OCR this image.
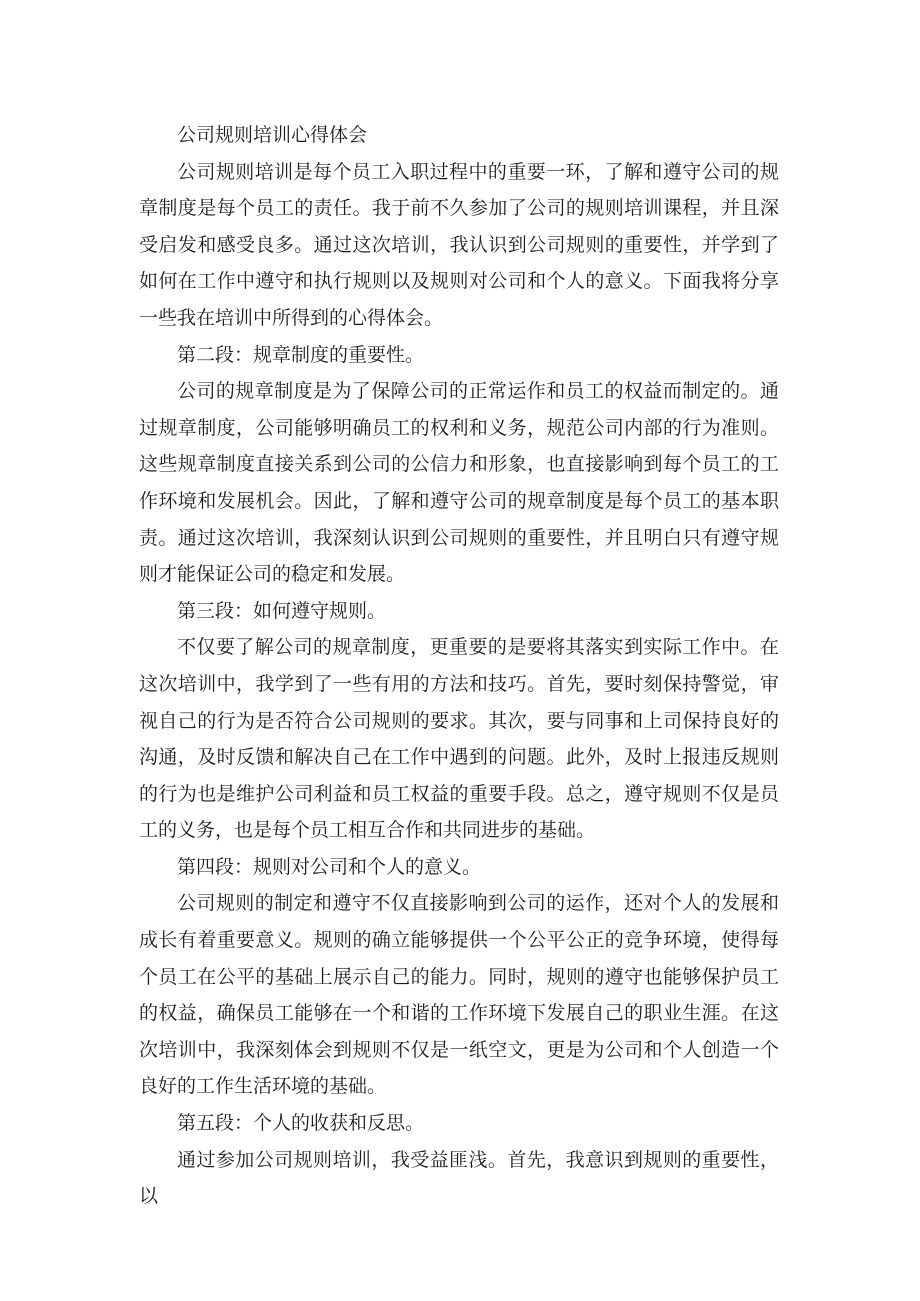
公司规则培训心得体会

公司规则培训是每个员工入职过程中的重要一环，了解和遵守公司的规章制度是每个员工的责任。我于前不久参加了公司的规则培训课程，并且深受启发和感受良多。通过这次培训，我认识到公司规则的重要性，并学到了如何在工作中遵守和执行规则以及规则对公司和个人的意义。下面我将分享一些我在培训中所得到的心得体会。

第二段：规章制度的重要性。

公司的规章制度是为了保障公司的正常运作和员工的权益而制定的。通过规章制度，公司能够明确员工的权利和义务，规范公司内部的行为准则。这些规章制度直接关系到公司的公信力和形象，也直接影响到每个员工的工作环境和发展机会。因此，了解和遵守公司的规章制度是每个员工的基本职责。通过这次培训，我深刻认识到公司规则的重要性，并且明白只有遵守规则才能保证公司的稳定和发展。

第三段：如何遵守规则。

不仅要了解公司的规章制度，更重要的是要将其落实到实际工作中。在这次培训中，我学到了一些有用的方法和技巧。首先，要时刻保持警觉，审视自己的行为是否符合公司规则的要求。其次，要与同事和上司保持良好的沟通，及时反馈和解决自己在工作中遇到的问题。此外，及时上报违反规则的行为也是维护公司利益和员工权益的重要手段。总之，遵守规则不仅是员工的义务，也是每个员工相互合作和共同进步的基础。

第四段：规则对公司和个人的意义。

公司规则的制定和遵守不仅直接影响到公司的运作，还对个人的发展和成长有着重要意义。规则的确立能够提供一个公平公正的竞争环境，使得每个员工在公平的基础上展示自己的能力。同时，规则的遵守也能够保护员工的权益，确保员工能够在一个和谐的工作环境下发展自己的职业生涯。在这次培训中，我深刻体会到规则不仅是一纸空文，更是为公司和个人创造一个良好的工作生活环境的基础。

第五段：个人的收获和反思。

通过参加公司规则培训，我受益匪浅。首先，我意识到规则的重要性，以
